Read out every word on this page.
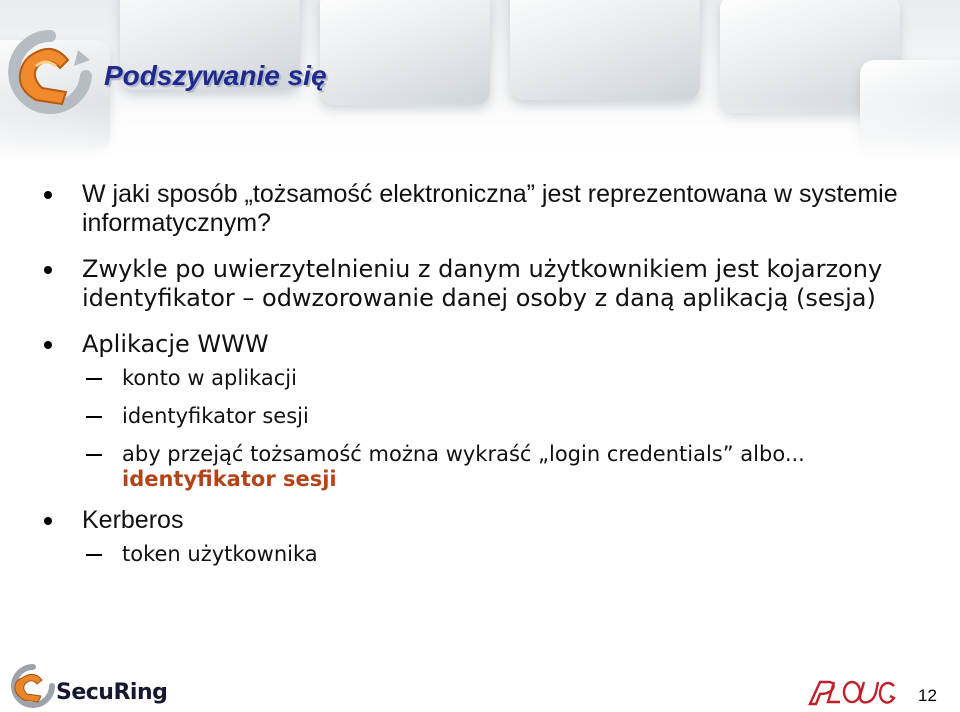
Podszywanie się
W jaki sposób „tożsamość elektroniczna” jest reprezentowana w systemie informatycznym?
Zwykle po uwierzytelnieniu z danym użytkownikiem jest kojarzony identyfikator – odwzorowanie danej osoby z daną aplikacją (sesja)
Aplikacje WWW
konto w aplikacji
identyfikator sesji
aby przejąć tożsamość można wykraść „login credentials” albo...
identyfikator sesji
Kerberos
token użytkownika
SecuRing	12
